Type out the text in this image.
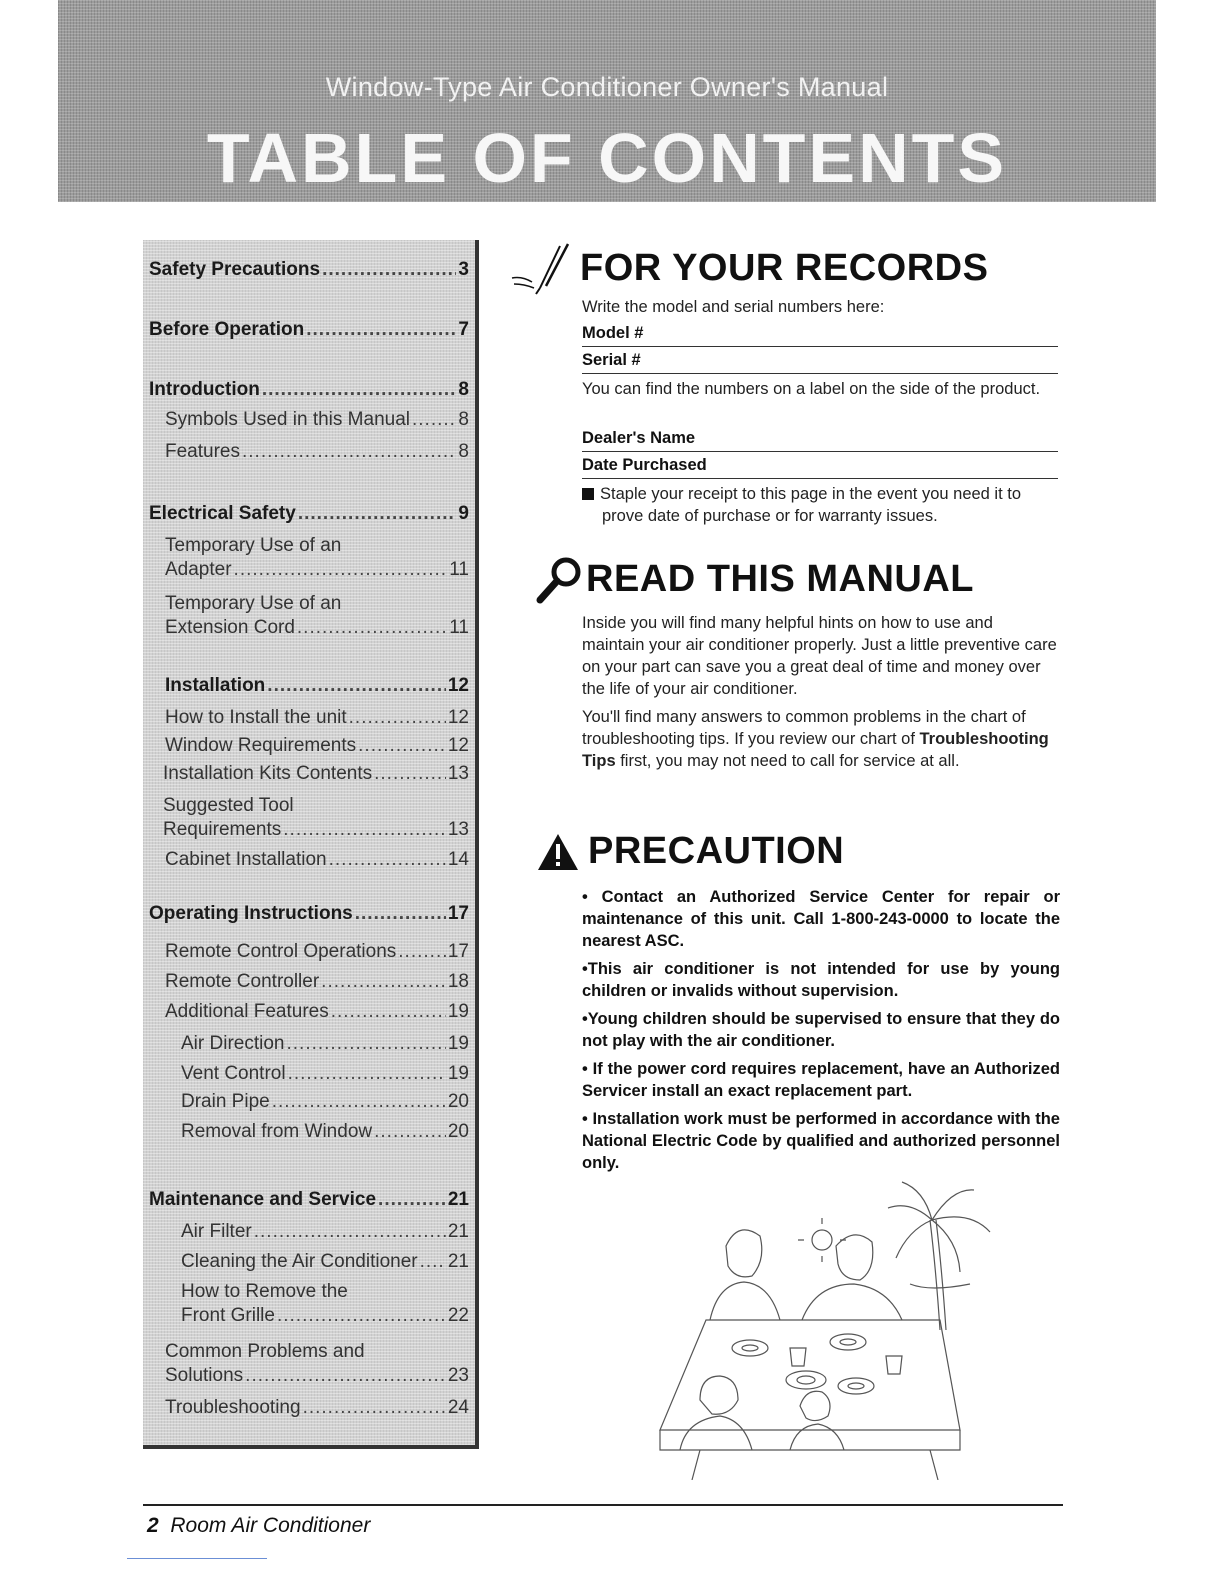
Window-Type Air Conditioner Owner's Manual
TABLE OF CONTENTS
Safety Precautions .....	3
Before Operation .....	7
Introduction .....	8
Symbols Used in this Manual .....	8
Features .....	8
Electrical Safety .....	9
Temporary Use of an
Adapter .....	11
Temporary Use of an
Extension Cord .....	11
Installation .....	12
How to Install the unit .....	12
Window Requirements .....	12
Installation Kits Contents .....	13
Suggested Tool
Requirements .....	13
Cabinet Installation .....	14
Operating Instructions .....	17
Remote Control Operations .....	17
Remote Controller .....	18
Additional Features .....	19
Air Direction .....	19
Vent Control .....	19
Drain Pipe .....	20
Removal from Window .....	20
Maintenance and Service .....	21
Air Filter .....	21
Cleaning the Air Conditioner ..... 21
How to Remove the
Front Grille .....	22
Common Problems and
Solutions .....	23
Troubleshooting .....	24
FOR YOUR RECORDS
Write the model and serial numbers here:
Model #
Serial #
You can find the numbers on a label on the side of the product.
Dealer's Name
Date Purchased
Staple your receipt to this page in the event you need it to prove date of purchase or for warranty issues.
READ THIS MANUAL
Inside you will find many helpful hints on how to use and maintain your air conditioner properly. Just a little preventive care on your part can save you a great deal of time and money over the life of your air conditioner.
You'll find many answers to common problems in the chart of troubleshooting tips. If you review our chart of Troubleshooting Tips first, you may not need to call for service at all.
PRECAUTION
• Contact an Authorized Service Center for repair or maintenance of this unit. Call 1-800-243-0000 to locate the nearest ASC.
•This air conditioner is not intended for use by young children or invalids without supervision.
•Young children should be supervised to ensure that they do not play with the air conditioner.
• If the power cord requires replacement, have an Authorized Servicer install an exact replacement part.
• Installation work must be performed in accordance with the National Electric Code by qualified and authorized personnel only.
2 Room Air Conditioner
